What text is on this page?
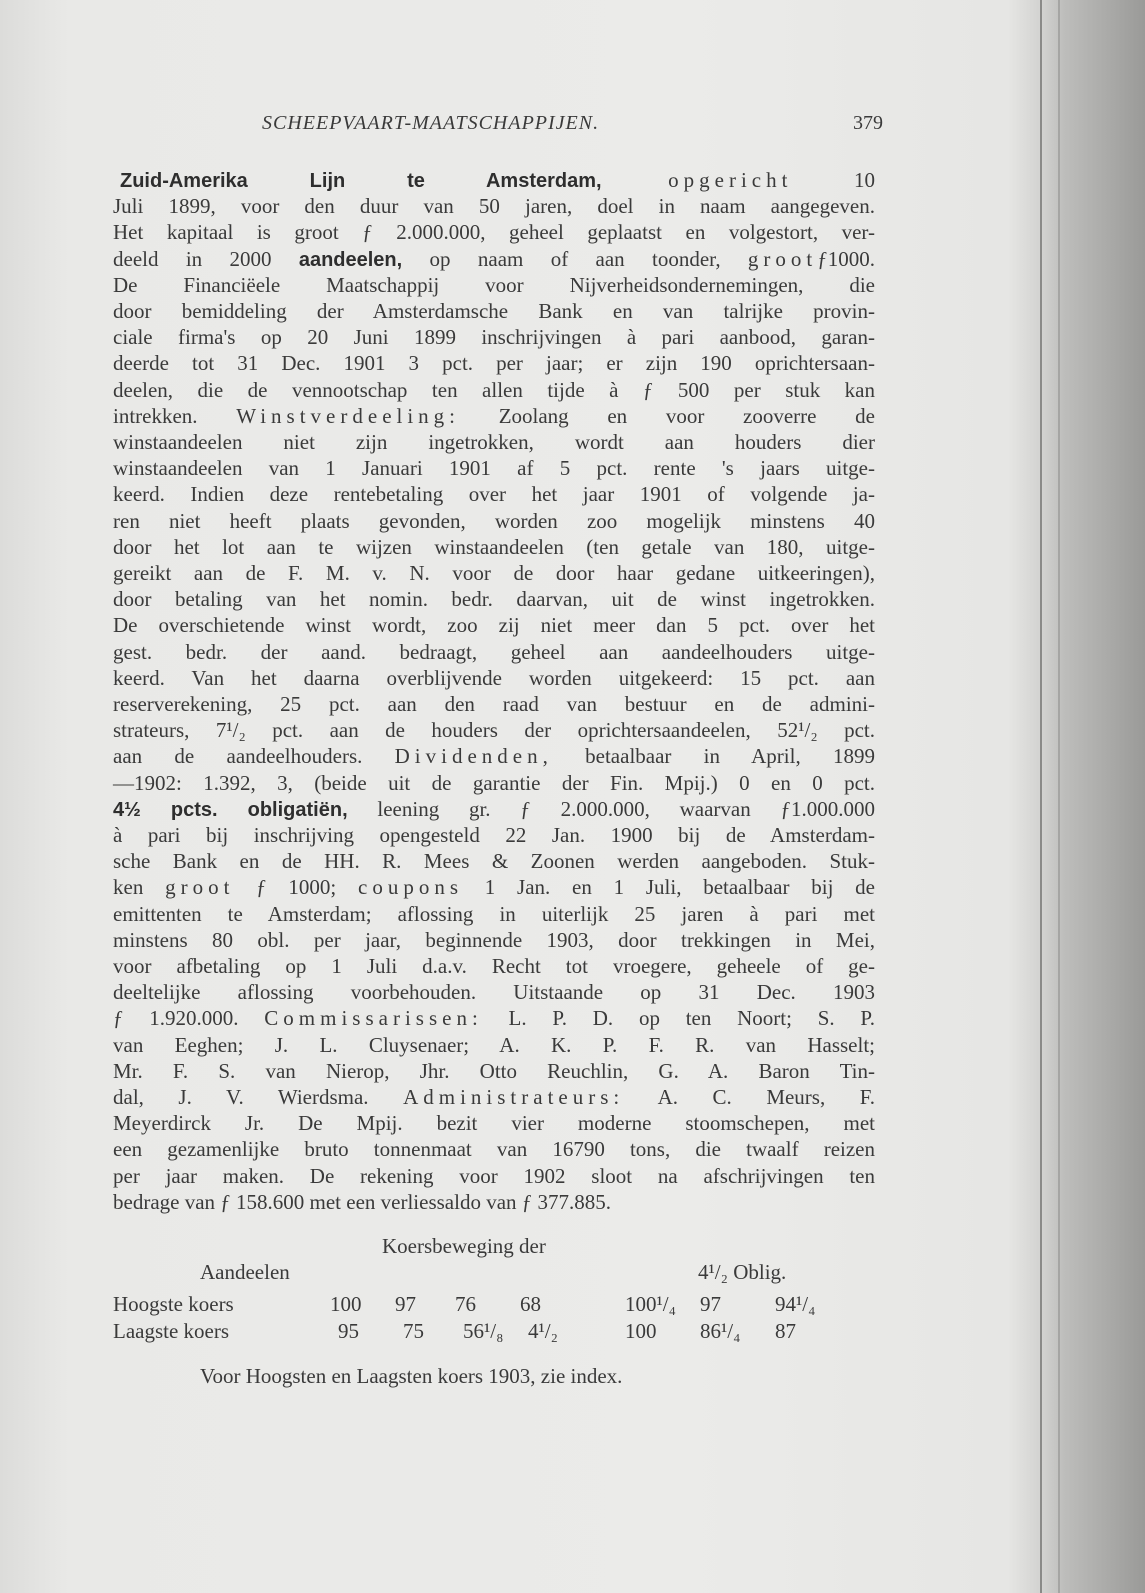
SCHEEPVAART-MAATSCHAPPIJEN.	379
Zuid-Amerika Lijn te Amsterdam, opgericht 10
Juli 1899, voor den duur van 50 jaren, doel in naam aangegeven.
Het kapitaal is groot ƒ 2.000.000, geheel geplaatst en volgestort, ver-
deeld in 2000 aandeelen, op naam of aan toonder, grootƒ1000.
De Financiëele Maatschappij voor Nijverheidsondernemingen, die
door bemiddeling der Amsterdamsche Bank en van talrijke provin-
ciale firma's op 20 Juni 1899 inschrijvingen à pari aanbood, garan-
deerde tot 31 Dec. 1901 3 pct. per jaar; er zijn 190 oprichtersaan-
deelen, die de vennootschap ten allen tijde à ƒ 500 per stuk kan
intrekken. Winstverdeeling: Zoolang en voor zooverre de
winstaandeelen niet zijn ingetrokken, wordt aan houders dier
winstaandeelen van 1 Januari 1901 af 5 pct. rente 's jaars uitge-
keerd. Indien deze rentebetaling over het jaar 1901 of volgende ja-
ren niet heeft plaats gevonden, worden zoo mogelijk minstens 40
door het lot aan te wijzen winstaandeelen (ten getale van 180, uitge-
gereikt aan de F. M. v. N. voor de door haar gedane uitkeeringen),
door betaling van het nomin. bedr. daarvan, uit de winst ingetrokken.
De overschietende winst wordt, zoo zij niet meer dan 5 pct. over het
gest. bedr. der aand. bedraagt, geheel aan aandeelhouders uitge-
keerd. Van het daarna overblijvende worden uitgekeerd: 15 pct. aan
reserverekening, 25 pct. aan den raad van bestuur en de admini-
strateurs, 7¹/₂ pct. aan de houders der oprichtersaandeelen, 52¹/₂ pct.
aan de aandeelhouders. Dividenden, betaalbaar in April, 1899
—1902: 1.392, 3, (beide uit de garantie der Fin. Mpij.) 0 en 0 pct.
4½ pcts. obligatiën, leening gr. ƒ 2.000.000, waarvan ƒ1.000.000
à pari bij inschrijving opengesteld 22 Jan. 1900 bij de Amsterdam-
sche Bank en de HH. R. Mees & Zoonen werden aangeboden. Stuk-
ken groot ƒ 1000; coupons 1 Jan. en 1 Juli, betaalbaar bij de
emittenten te Amsterdam; aflossing in uiterlijk 25 jaren à pari met
minstens 80 obl. per jaar, beginnende 1903, door trekkingen in Mei,
voor afbetaling op 1 Juli d.a.v. Recht tot vroegere, geheele of ge-
deeltelijke aflossing voorbehouden. Uitstaande op 31 Dec. 1903
ƒ 1.920.000. Commissarissen: L. P. D. op ten Noort; S. P.
van Eeghen; J. L. Cluysenaer; A. K. P. F. R. van Hasselt;
Mr. F. S. van Nierop, Jhr. Otto Reuchlin, G. A. Baron Tin-
dal, J. V. Wierdsma. Administrateurs: A. C. Meurs, F.
Meyerdirck Jr. De Mpij. bezit vier moderne stoomschepen, met
een gezamenlijke bruto tonnenmaat van 16790 tons, die twaalf reizen
per jaar maken. De rekening voor 1902 sloot na afschrijvingen ten
bedrage van ƒ 158.600 met een verliessaldo van ƒ 377.885.
Koersbeweging der
Aandeelen	4¹/₂ Oblig.
Voor Hoogsten en Laagsten koers 1903, zie index.
Hoogste koers	100 97 76 68	100¹/₄ 97	94¹/₄
Laagste koers	95 75 56¹/₈ 4¹/₂	100 86¹/₄ 87
